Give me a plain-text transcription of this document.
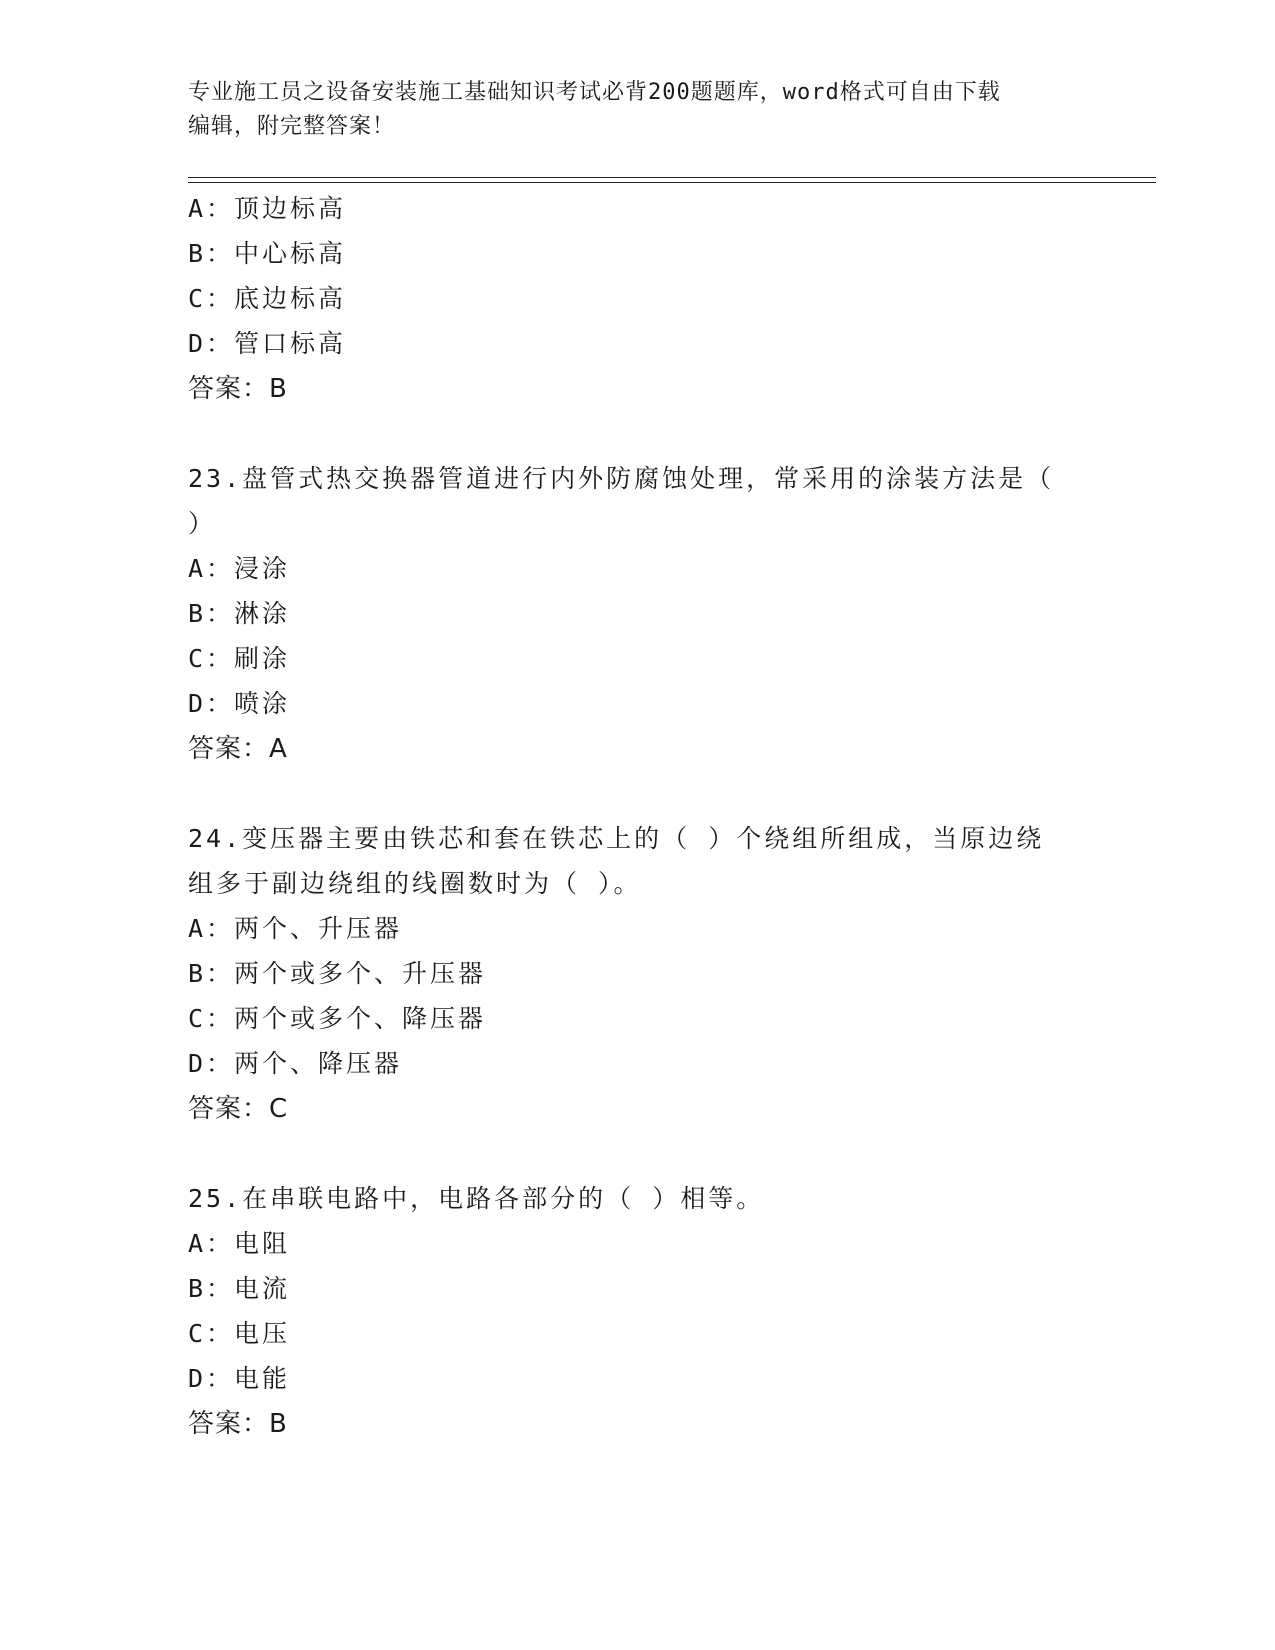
专业施工员之设备安装施工基础知识考试必背200题题库，word格式可自由下载
编辑，附完整答案！
A：顶边标高
B：中心标高
C：底边标高
D：管口标高
答案：B
23.盘管式热交换器管道进行内外防腐蚀处理，常采用的涂装方法是（
）
A：浸涂
B：淋涂
C：刷涂
D：喷涂
答案：A
24.变压器主要由铁芯和套在铁芯上的（ ）个绕组所组成，当原边绕
组多于副边绕组的线圈数时为（ ）。
A：两个、升压器
B：两个或多个、升压器
C：两个或多个、降压器
D：两个、降压器
答案：C
25.在串联电路中，电路各部分的（ ）相等。
A：电阻
B：电流
C：电压
D：电能
答案：B
